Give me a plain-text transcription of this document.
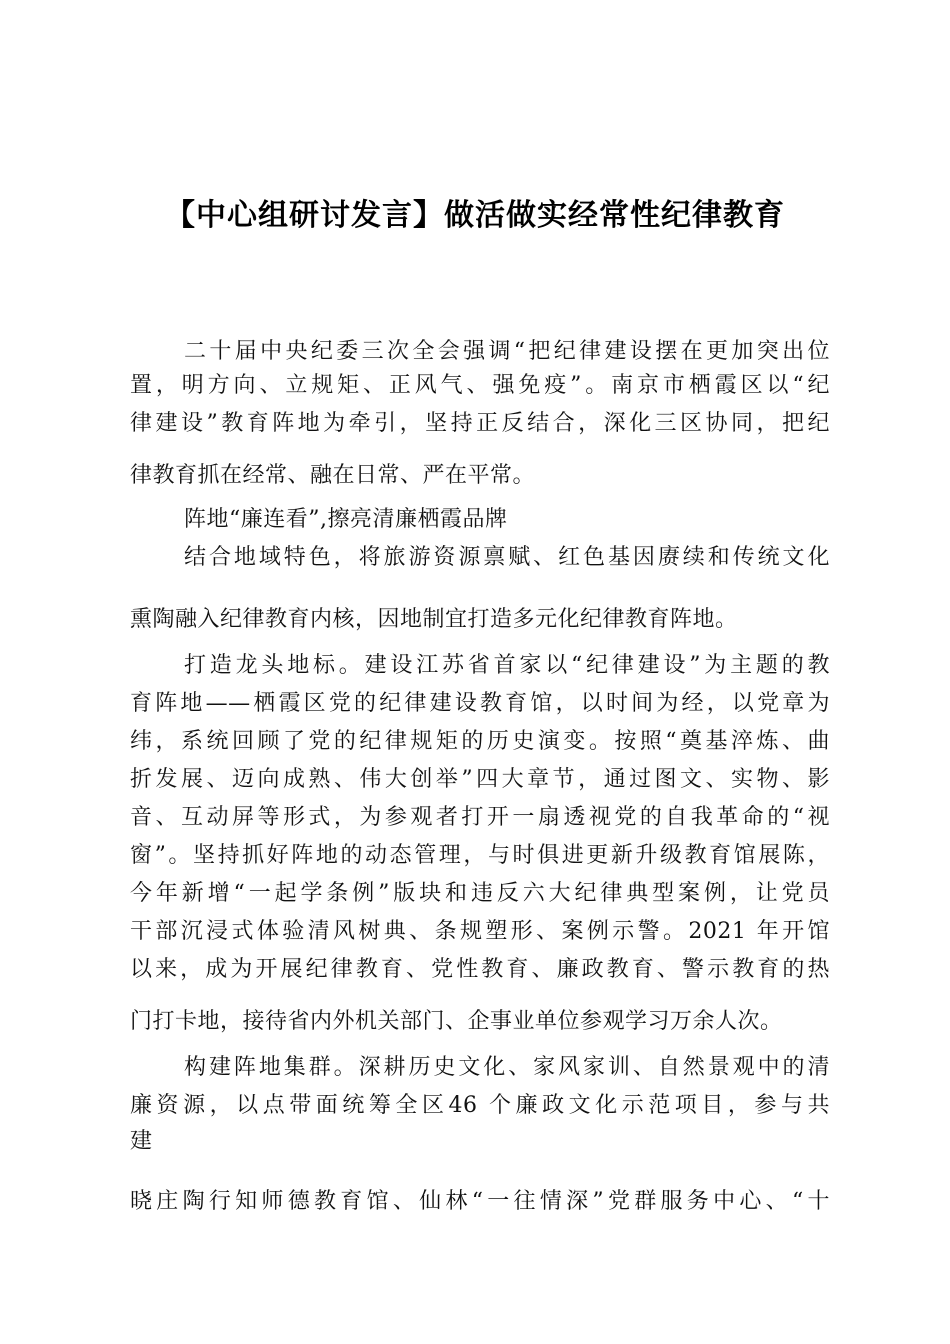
【中心组研讨发言】做活做实经常性纪律教育
二十届中央纪委三次全会强调“把纪律建设摆在更加突出位
置，明方向、立规矩、正风气、强免疫”。南京市栖霞区以“纪
律建设”教育阵地为牵引，坚持正反结合，深化三区协同，把纪
律教育抓在经常、融在日常、严在平常。
阵地“廉连看”,擦亮清廉栖霞品牌
结合地域特色，将旅游资源禀赋、红色基因赓续和传统文化
熏陶融入纪律教育内核，因地制宜打造多元化纪律教育阵地。
打造龙头地标。建设江苏省首家以“纪律建设”为主题的教
育阵地——栖霞区党的纪律建设教育馆，以时间为经，以党章为
纬，系统回顾了党的纪律规矩的历史演变。按照“奠基淬炼、曲
折发展、迈向成熟、伟大创举”四大章节，通过图文、实物、影
音、互动屏等形式，为参观者打开一扇透视党的自我革命的“视
窗”。坚持抓好阵地的动态管理，与时俱进更新升级教育馆展陈，
今年新增“一起学条例”版块和违反六大纪律典型案例，让党员
干部沉浸式体验清风树典、条规塑形、案例示警。2021 年开馆
以来，成为开展纪律教育、党性教育、廉政教育、警示教育的热
门打卡地，接待省内外机关部门、企事业单位参观学习万余人次。
构建阵地集群。深耕历史文化、家风家训、自然景观中的清
廉资源，以点带面统筹全区46 个廉政文化示范项目，参与共
建
晓庄陶行知师德教育馆、仙林“一往情深”党群服务中心、“十
